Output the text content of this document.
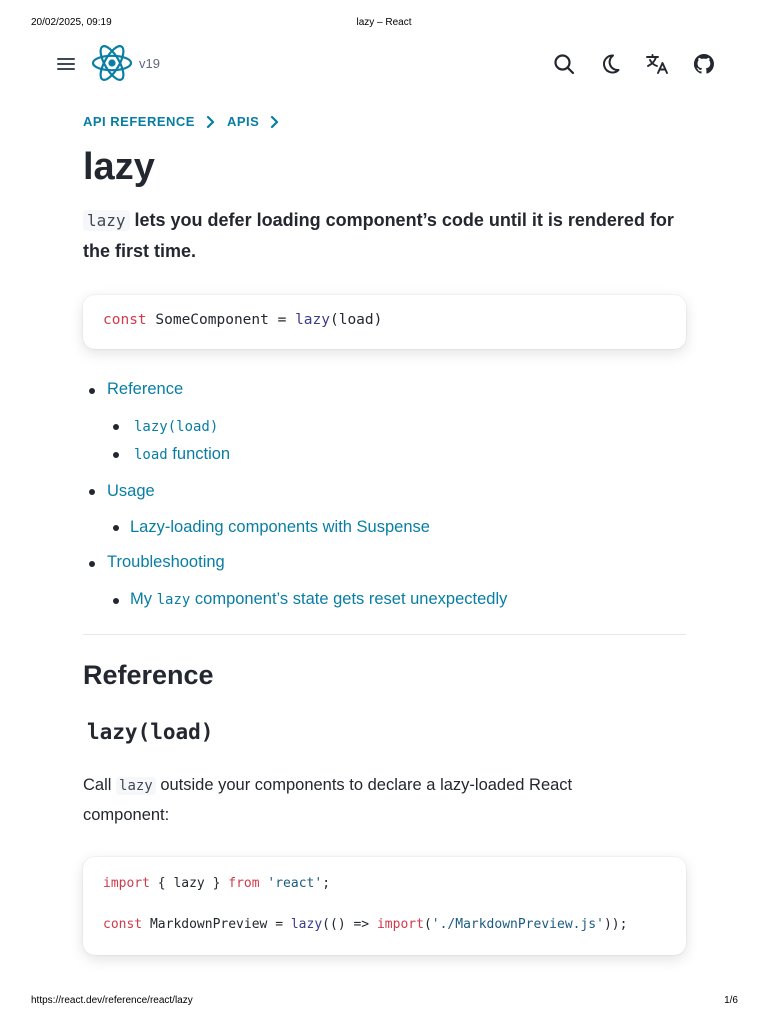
20/02/2025, 09:19	lazy – React
v19
API REFERENCE APIS
lazy

lazy lets you defer loading component’s code until it is rendered for the first time.

const SomeComponent = lazy(load)
Reference
lazy(load)
load function
Usage
Lazy-loading components with Suspense
Troubleshooting
My lazy component’s state gets reset unexpectedly
Reference
lazy(load)

Call lazy outside your components to declare a lazy-loaded React component:

import { lazy } from 'react';
const MarkdownPreview = lazy(() => import('./MarkdownPreview.js'));
https://react.dev/reference/react/lazy	1/6
